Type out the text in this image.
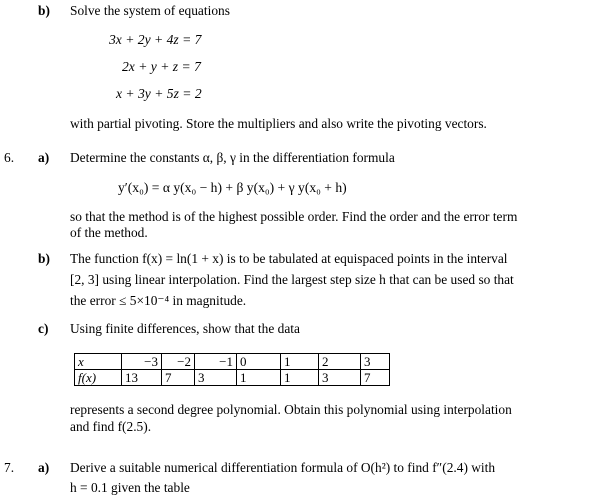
b) Solve the system of equations
3x + 2y + 4z = 7
2x + y + z = 7
x + 3y + 5z = 2
with partial pivoting. Store the multipliers and also write the pivoting vectors.
6. a) Determine the constants α, β, γ in the differentiation formula
y′(x₀) = α y(x₀ − h) + β y(x₀) + γ y(x₀ + h)
so that the method is of the highest possible order. Find the order and the error term
of the method.
b) The function f(x) = ln(1 + x) is to be tabulated at equispaced points in the interval
[2, 3] using linear interpolation. Find the largest step size h that can be used so that
the error ≤ 5×10⁻⁴ in magnitude.
c) Using finite differences, show that the data
x	−3	−2	−1	0	1	2	3
f(x)	13	7	3	1	1	3	7
represents a second degree polynomial. Obtain this polynomial using interpolation
and find f(2.5).
7. a) Derive a suitable numerical differentiation formula of O(h²) to find f″(2.4) with
h = 0.1 given the table
